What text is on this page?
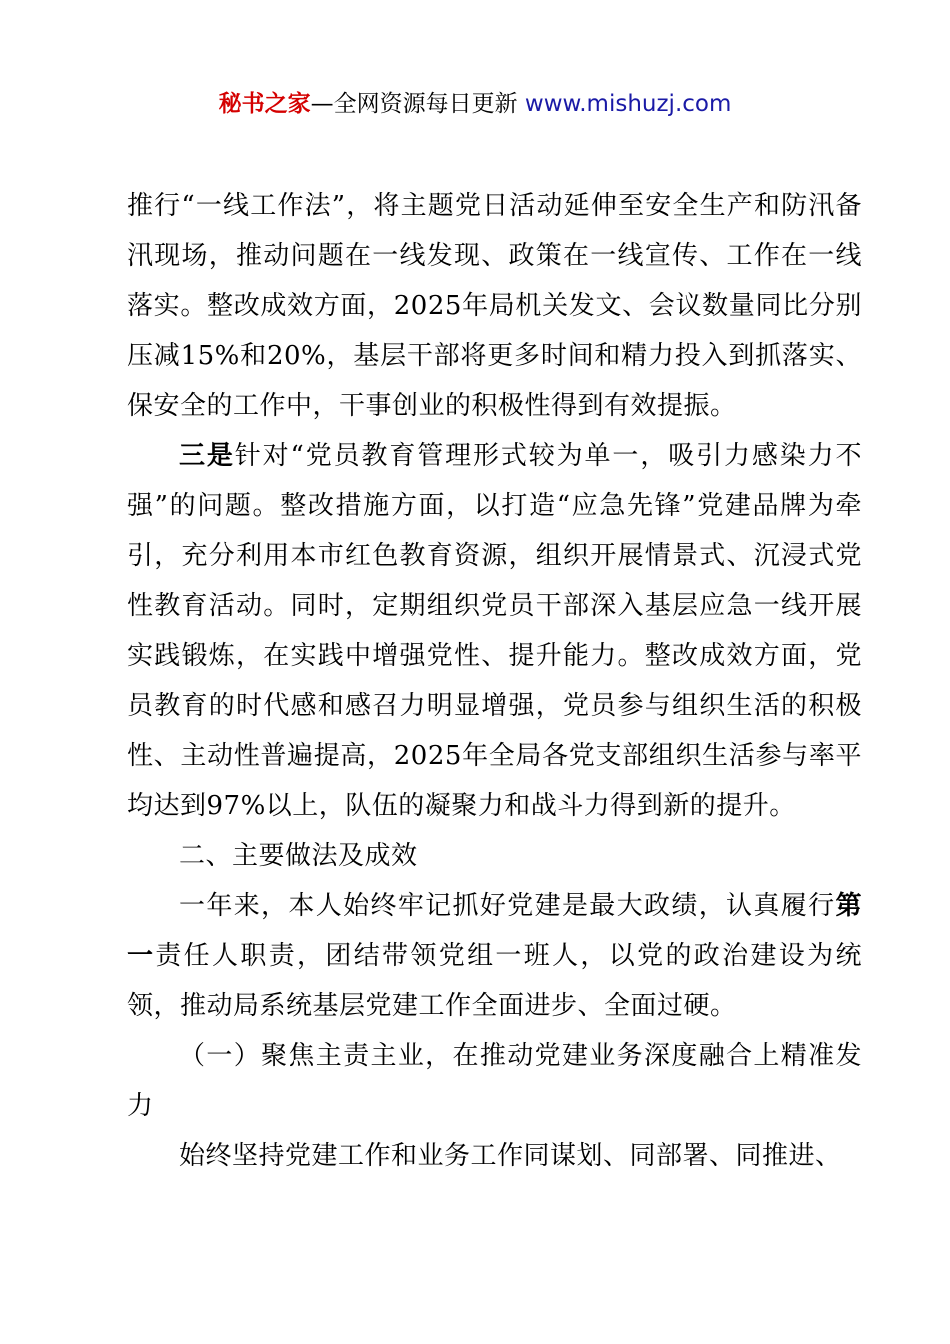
秘书之家—全网资源每日更新 www.mishuzj.com

推行“一线工作法”，将主题党日活动延伸至安全生产和防汛备汛现场，推动问题在一线发现、政策在一线宣传、工作在一线落实。整改成效方面，2025年局机关发文、会议数量同比分别压减15%和20%，基层干部将更多时间和精力投入到抓落实、保安全的工作中，干事创业的积极性得到有效提振。

三是针对“党员教育管理形式较为单一，吸引力感染力不强”的问题。整改措施方面，以打造“应急先锋”党建品牌为牵引，充分利用本市红色教育资源，组织开展情景式、沉浸式党性教育活动。同时，定期组织党员干部深入基层应急一线开展实践锻炼，在实践中增强党性、提升能力。整改成效方面，党员教育的时代感和感召力明显增强，党员参与组织生活的积极性、主动性普遍提高，2025年全局各党支部组织生活参与率平均达到97%以上，队伍的凝聚力和战斗力得到新的提升。

二、主要做法及成效

一年来，本人始终牢记抓好党建是最大政绩，认真履行第一责任人职责，团结带领党组一班人，以党的政治建设为统领，推动局系统基层党建工作全面进步、全面过硬。

（一）聚焦主责主业，在推动党建业务深度融合上精准发力

始终坚持党建工作和业务工作同谋划、同部署、同推进、
